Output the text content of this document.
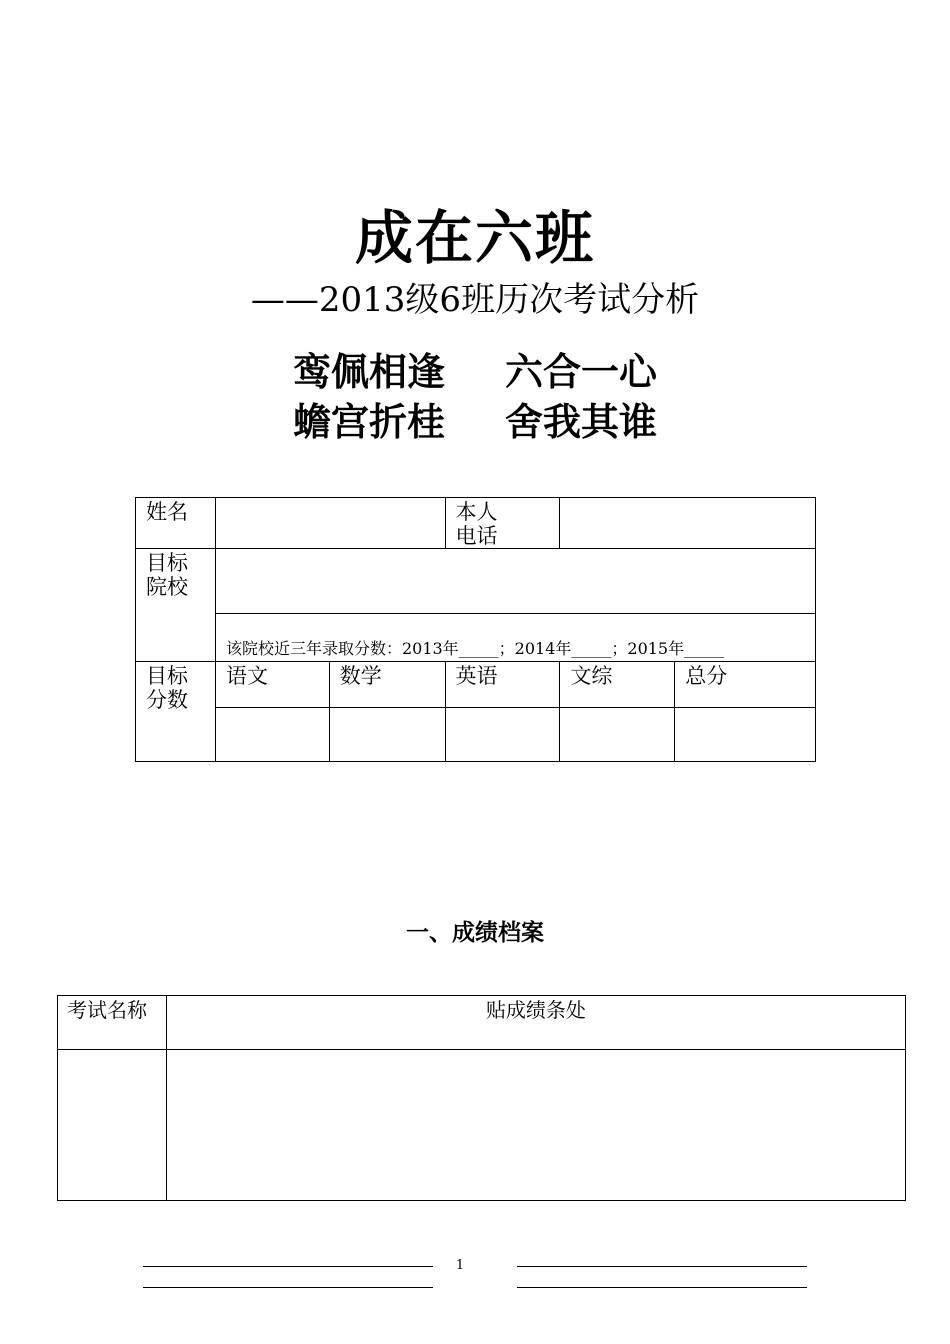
成在六班
——2013级6班历次考试分析
鸾佩相逢 六合一心
蟾宫折桂 舍我其谁
姓名			本人电话		

目标院校					

	该院校近三年录取分数：2013年_____；2014年_____；2015年_____				

目标分数	语文	数学	英语	文综	总分

一、成绩档案
考试名称	贴成绩条处

1
